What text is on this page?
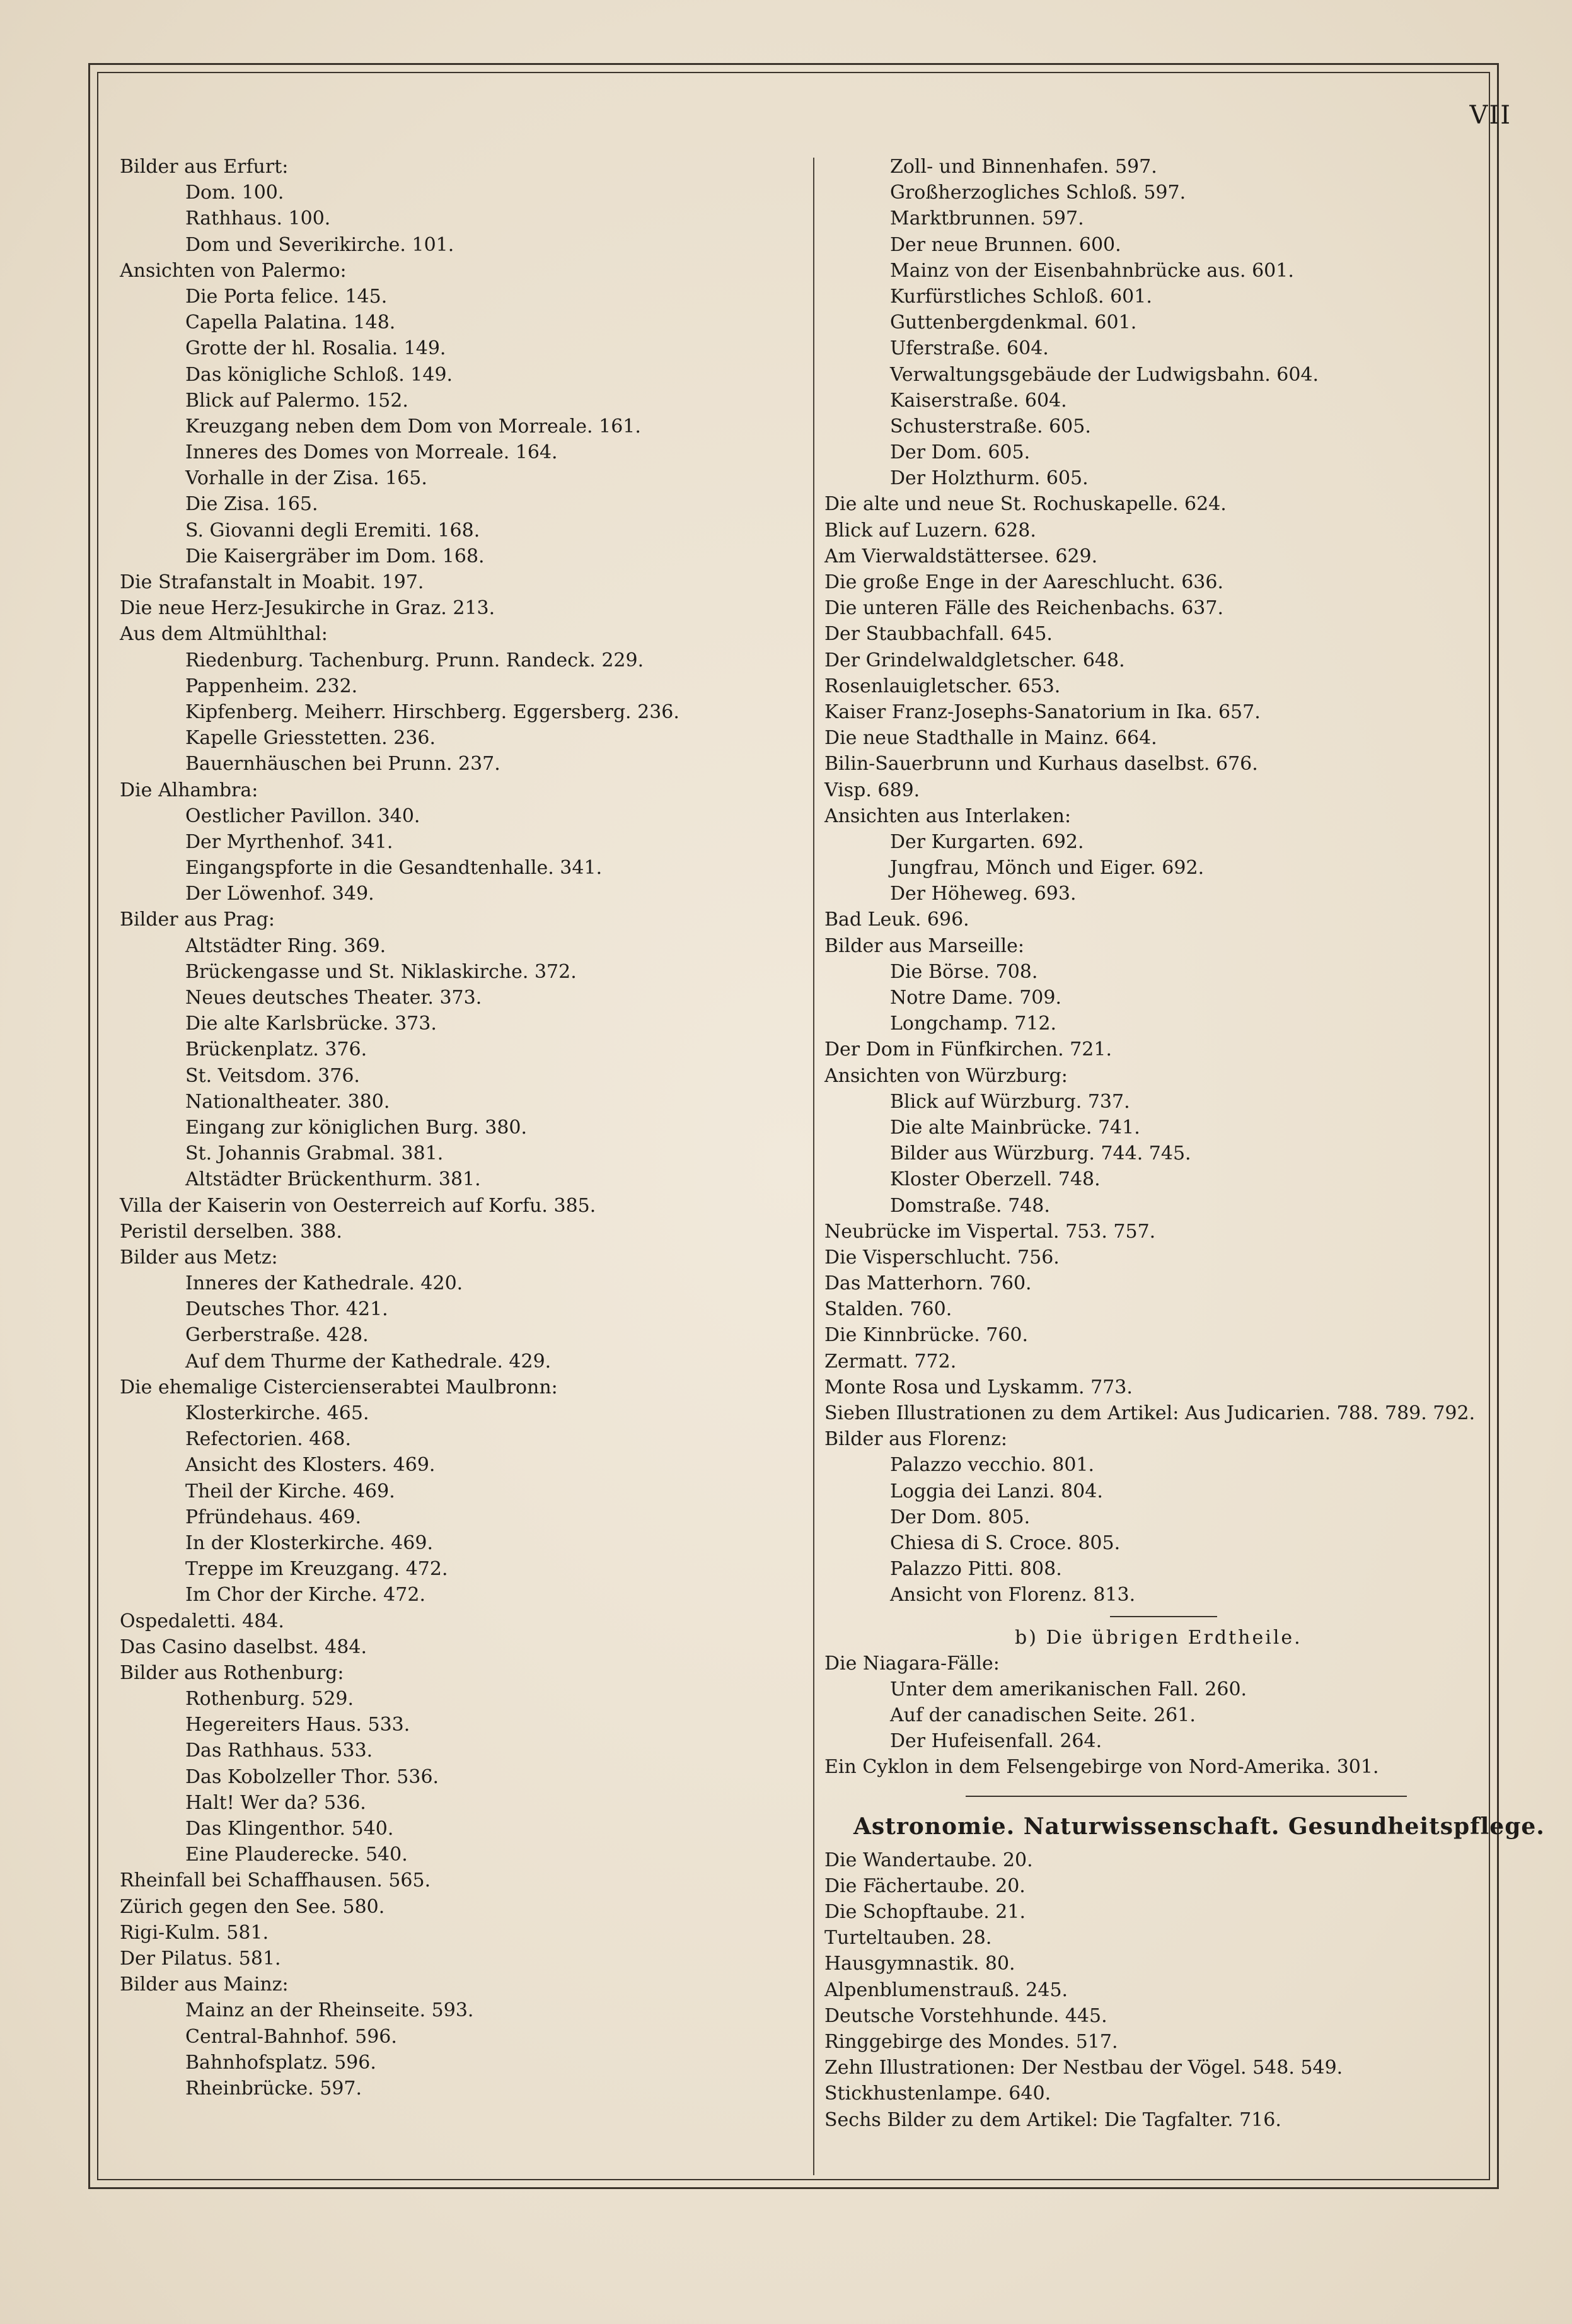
VII
Bilder aus Erfurt:
Dom. 100.
Rathhaus. 100.
Dom und Severikirche. 101.
Ansichten von Palermo:
Die Porta felice. 145.
Capella Palatina. 148.
Grotte der hl. Rosalia. 149.
Das königliche Schloß. 149.
Blick auf Palermo. 152.
Kreuzgang neben dem Dom von Morreale. 161.
Inneres des Domes von Morreale. 164.
Vorhalle in der Zisa. 165.
Die Zisa. 165.
S. Giovanni degli Eremiti. 168.
Die Kaisergräber im Dom. 168.
Die Strafanstalt in Moabit. 197.
Die neue Herz-Jesukirche in Graz. 213.
Aus dem Altmühlthal:
Riedenburg. Tachenburg. Prunn. Randeck. 229.
Pappenheim. 232.
Kipfenberg. Meiherr. Hirschberg. Eggersberg. 236.
Kapelle Griesstetten. 236.
Bauernhäuschen bei Prunn. 237.
Die Alhambra:
Oestlicher Pavillon. 340.
Der Myrthenhof. 341.
Eingangspforte in die Gesandtenhalle. 341.
Der Löwenhof. 349.
Bilder aus Prag:
Altstädter Ring. 369.
Brückengasse und St. Niklaskirche. 372.
Neues deutsches Theater. 373.
Die alte Karlsbrücke. 373.
Brückenplatz. 376.
St. Veitsdom. 376.
Nationaltheater. 380.
Eingang zur königlichen Burg. 380.
St. Johannis Grabmal. 381.
Altstädter Brückenthurm. 381.
Villa der Kaiserin von Oesterreich auf Korfu. 385.
Peristil derselben. 388.
Bilder aus Metz:
Inneres der Kathedrale. 420.
Deutsches Thor. 421.
Gerberstraße. 428.
Auf dem Thurme der Kathedrale. 429.
Die ehemalige Cistercienserabtei Maulbronn:
Klosterkirche. 465.
Refectorien. 468.
Ansicht des Klosters. 469.
Theil der Kirche. 469.
Pfründehaus. 469.
In der Klosterkirche. 469.
Treppe im Kreuzgang. 472.
Im Chor der Kirche. 472.
Ospedaletti. 484.
Das Casino daselbst. 484.
Bilder aus Rothenburg:
Rothenburg. 529.
Hegereiters Haus. 533.
Das Rathhaus. 533.
Das Kobolzeller Thor. 536.
Halt! Wer da? 536.
Das Klingenthor. 540.
Eine Plauderecke. 540.
Rheinfall bei Schaffhausen. 565.
Zürich gegen den See. 580.
Rigi-Kulm. 581.
Der Pilatus. 581.
Bilder aus Mainz:
Mainz an der Rheinseite. 593.
Central-Bahnhof. 596.
Bahnhofsplatz. 596.
Rheinbrücke. 597.
Zoll- und Binnenhafen. 597.
Großherzogliches Schloß. 597.
Marktbrunnen. 597.
Der neue Brunnen. 600.
Mainz von der Eisenbahnbrücke aus. 601.
Kurfürstliches Schloß. 601.
Guttenbergdenkmal. 601.
Uferstraße. 604.
Verwaltungsgebäude der Ludwigsbahn. 604.
Kaiserstraße. 604.
Schusterstraße. 605.
Der Dom. 605.
Der Holzthurm. 605.
Die alte und neue St. Rochuskapelle. 624.
Blick auf Luzern. 628.
Am Vierwaldstättersee. 629.
Die große Enge in der Aareschlucht. 636.
Die unteren Fälle des Reichenbachs. 637.
Der Staubbachfall. 645.
Der Grindelwaldgletscher. 648.
Rosenlauigletscher. 653.
Kaiser Franz-Josephs-Sanatorium in Ika. 657.
Die neue Stadthalle in Mainz. 664.
Bilin-Sauerbrunn und Kurhaus daselbst. 676.
Visp. 689.
Ansichten aus Interlaken:
Der Kurgarten. 692.
Jungfrau, Mönch und Eiger. 692.
Der Höheweg. 693.
Bad Leuk. 696.
Bilder aus Marseille:
Die Börse. 708.
Notre Dame. 709.
Longchamp. 712.
Der Dom in Fünfkirchen. 721.
Ansichten von Würzburg:
Blick auf Würzburg. 737.
Die alte Mainbrücke. 741.
Bilder aus Würzburg. 744. 745.
Kloster Oberzell. 748.
Domstraße. 748.
Neubrücke im Vispertal. 753. 757.
Die Visperschlucht. 756.
Das Matterhorn. 760.
Stalden. 760.
Die Kinnbrücke. 760.
Zermatt. 772.
Monte Rosa und Lyskamm. 773.
Sieben Illustrationen zu dem Artikel: Aus Judicarien. 788. 789. 792.
Bilder aus Florenz:
Palazzo vecchio. 801.
Loggia dei Lanzi. 804.
Der Dom. 805.
Chiesa di S. Croce. 805.
Palazzo Pitti. 808.
Ansicht von Florenz. 813.
b) Die übrigen Erdtheile.
Die Niagara-Fälle:
Unter dem amerikanischen Fall. 260.
Auf der canadischen Seite. 261.
Der Hufeisenfall. 264.
Ein Cyklon in dem Felsengebirge von Nord-Amerika. 301.
Astronomie. Naturwissenschaft. Gesundheitspflege.
Die Wandertaube. 20.
Die Fächertaube. 20.
Die Schopftaube. 21.
Turteltauben. 28.
Hausgymnastik. 80.
Alpenblumenstrauß. 245.
Deutsche Vorstehhunde. 445.
Ringgebirge des Mondes. 517.
Zehn Illustrationen: Der Nestbau der Vögel. 548. 549.
Stickhustenlampe. 640.
Sechs Bilder zu dem Artikel: Die Tagfalter. 716.
